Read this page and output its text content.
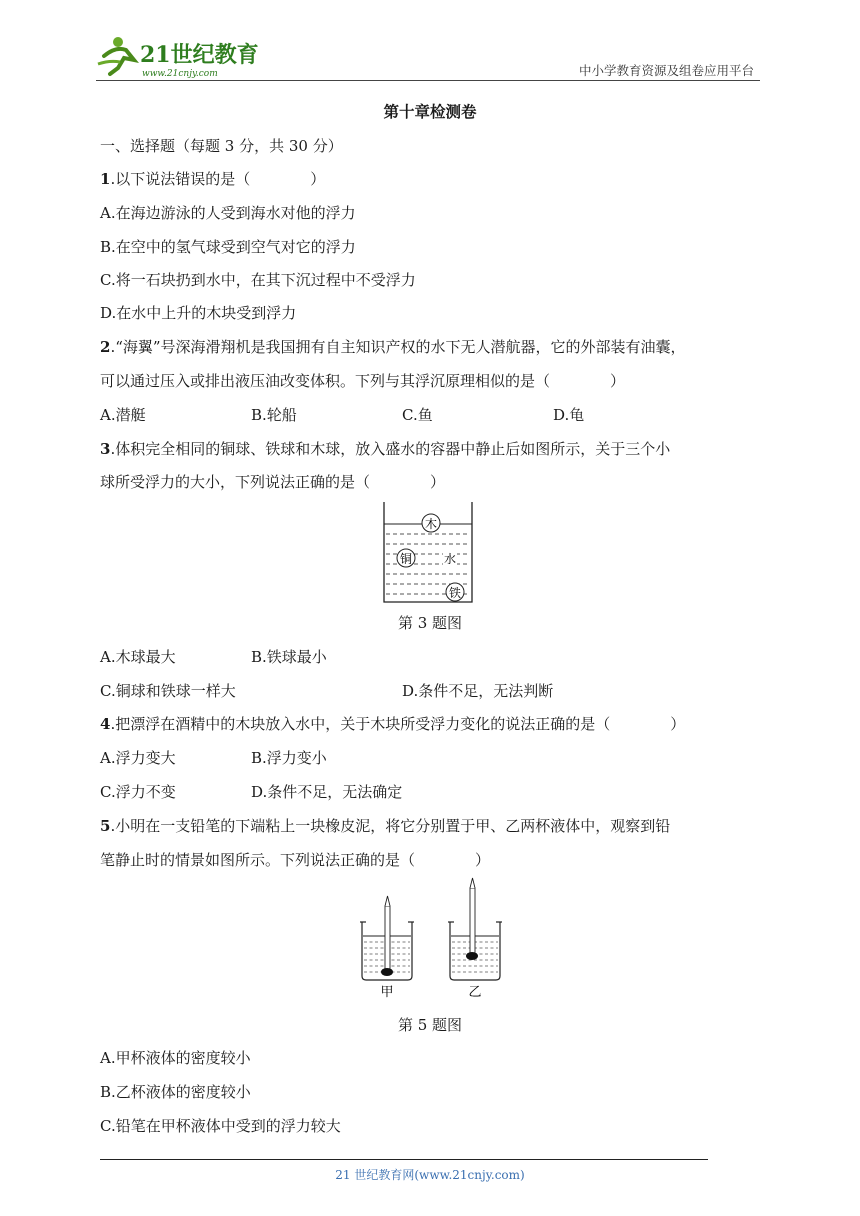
21世纪教育
www.21cnjy.com	中小学教育资源及组卷应用平台
第十章检测卷
一、选择题（每题 3 分，共 30 分）
1.以下说法错误的是（　　　　）
A.在海边游泳的人受到海水对他的浮力
B.在空中的氢气球受到空气对它的浮力
C.将一石块扔到水中，在其下沉过程中不受浮力
D.在水中上升的木块受到浮力
2.“海翼”号深海滑翔机是我国拥有自主知识产权的水下无人潜航器，它的外部装有油囊，
可以通过压入或排出液压油改变体积。下列与其浮沉原理相似的是（　　　　）
A.潜艇	B.轮船	C.鱼	D.龟
3.体积完全相同的铜球、铁球和木球，放入盛水的容器中静止后如图所示，关于三个小
球所受浮力的大小，下列说法正确的是（　　　　）
木
铜	水
铁
第 3 题图
A.木球最大	B.铁球最小
C.铜球和铁球一样大	D.条件不足，无法判断
4.把漂浮在酒精中的木块放入水中，关于木块所受浮力变化的说法正确的是（　　　　）
A.浮力变大	B.浮力变小
C.浮力不变	D.条件不足，无法确定
5.小明在一支铅笔的下端粘上一块橡皮泥，将它分别置于甲、乙两杯液体中，观察到铅
笔静止时的情景如图所示。下列说法正确的是（　　　　）
甲	乙
第 5 题图
A.甲杯液体的密度较小
B.乙杯液体的密度较小
C.铅笔在甲杯液体中受到的浮力较大
21 世纪教育网(www.21cnjy.com)
